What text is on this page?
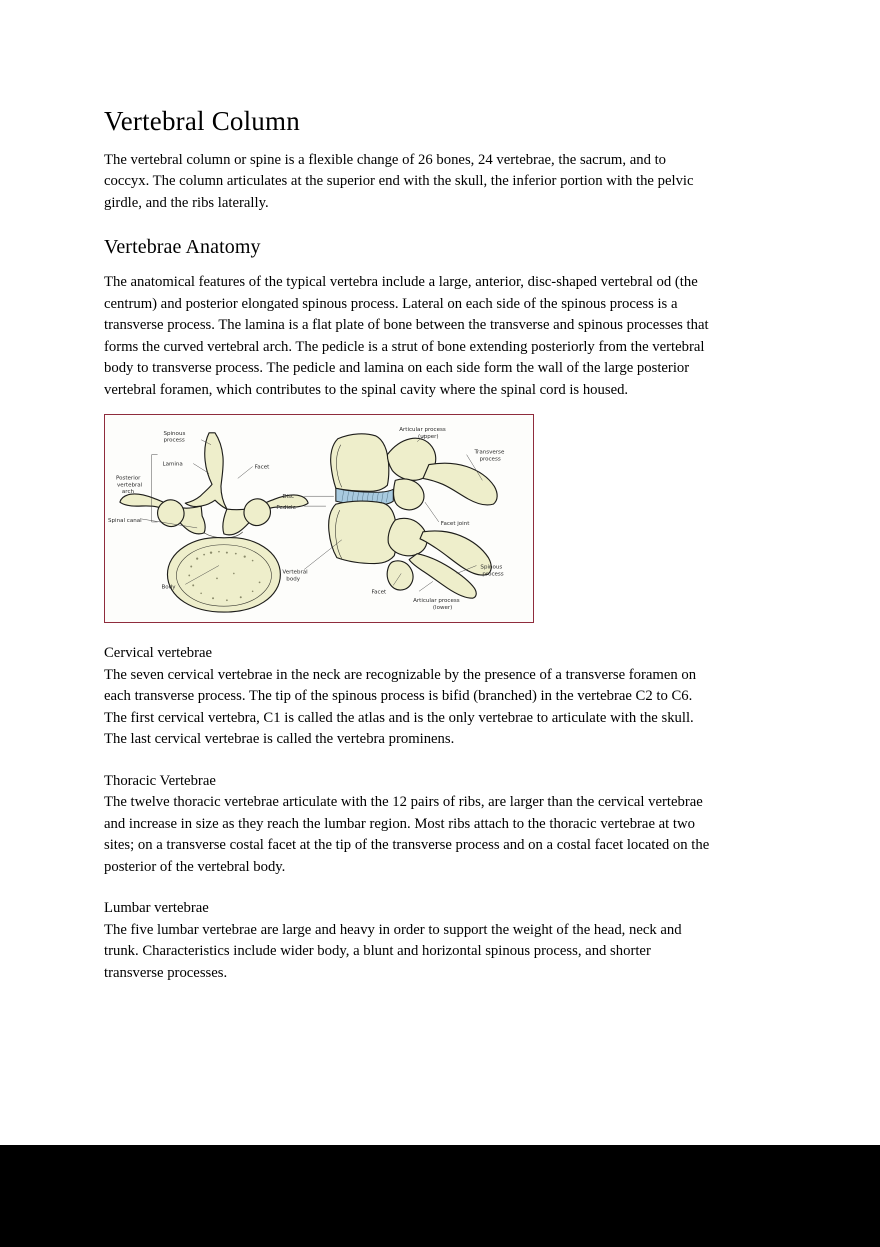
Vertebral Column

The vertebral column or spine is a flexible change of 26 bones, 24 vertebrae, the sacrum, and to coccyx. The column articulates at the superior end with the skull, the inferior portion with the pelvic girdle, and the ribs laterally.

Vertebrae Anatomy

The anatomical features of the typical vertebra include a large, anterior, disc-shaped vertebral od (the centrum) and posterior elongated spinous process. Lateral on each side of the spinous process is a transverse process. The lamina is a flat plate of bone between the transverse and spinous processes that forms the curved vertebral arch. The pedicle is a strut of bone extending posteriorly from the vertebral body to transverse process. The pedicle and lamina on each side form the wall of the large posterior vertebral foramen, which contributes to the spinal cavity where the spinal cord is housed.

Spinous
process
Lamina	Facet
Posterior
vertebral
arch
Spinal canal
Body
Articular process
(upper)
Transverse
process
Disc
Pedicle
Facet joint
Spinous
process
Vertebral
body
Facet
Articular process
(lower)

Cervical vertebrae

The seven cervical vertebrae in the neck are recognizable by the presence of a transverse foramen on each transverse process. The tip of the spinous process is bifid (branched) in the vertebrae C2 to C6. The first cervical vertebra, C1 is called the atlas and is the only vertebrae to articulate with the skull. The last cervical vertebrae is called the vertebra prominens.

Thoracic Vertebrae

The twelve thoracic vertebrae articulate with the 12 pairs of ribs, are larger than the cervical vertebrae and increase in size as they reach the lumbar region. Most ribs attach to the thoracic vertebrae at two sites; on a transverse costal facet at the tip of the transverse process and on a costal facet located on the posterior of the vertebral body.

Lumbar vertebrae

The five lumbar vertebrae are large and heavy in order to support the weight of the head, neck and trunk. Characteristics include wider body, a blunt and horizontal spinous process, and shorter transverse processes.
